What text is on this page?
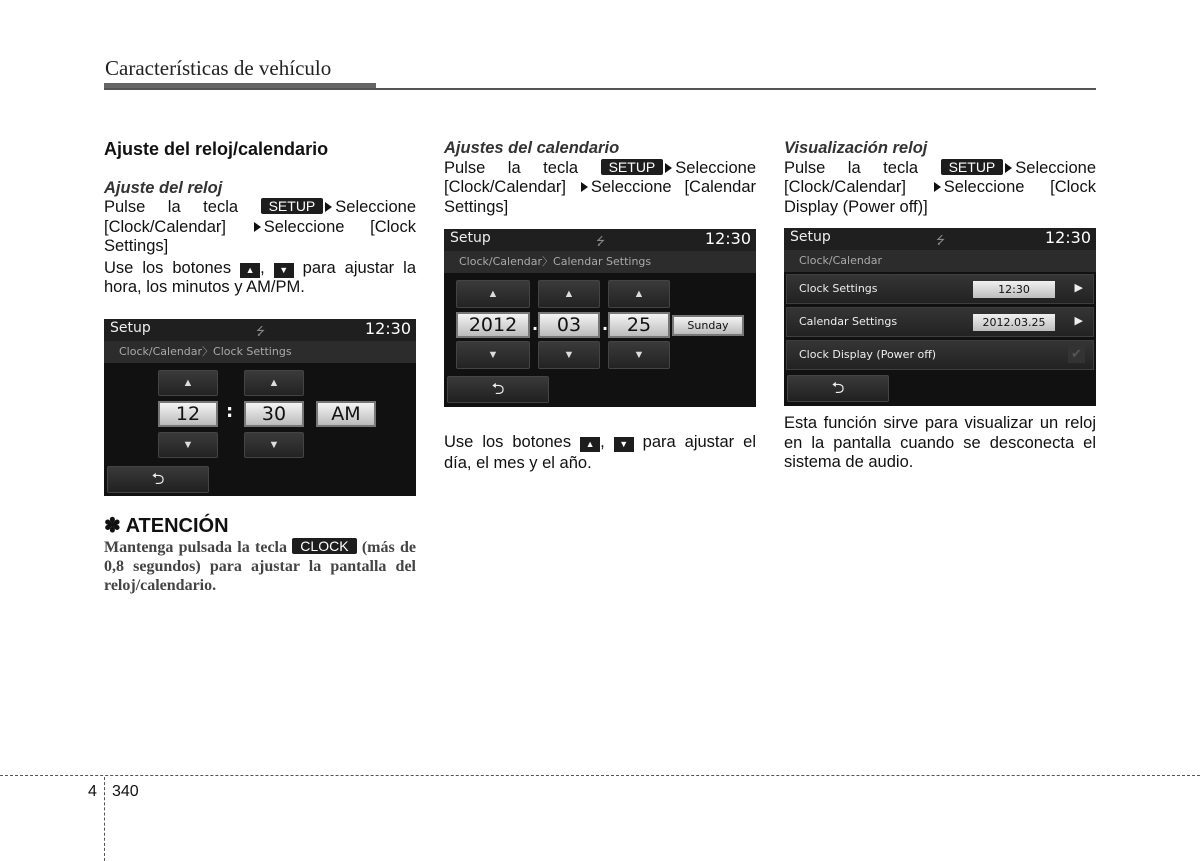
Características de vehículo
Ajuste del reloj/calendario
Ajuste del reloj
Pulse la tecla SETUP Seleccione [Clock/Calendar] Seleccione [Clock Settings]
Use los botones ▲ , ▼ para ajustar la hora, los minutos y AM/PM.
Setup	⭍	12:30
Clock/Calendar〉Clock Settings
▲	▲
12	:	30	AM
▼	▼
⮌
✽ ATENCIÓN
Mantenga pulsada la tecla CLOCK (más de 0,8 segundos) para ajustar la pantalla del reloj/calendario.
Ajustes del calendario
Pulse la tecla SETUP Seleccione [Clock/Calendar] Seleccione [Calendar Settings]
Setup	⭍	12:30
Clock/Calendar〉Calendar Settings
▲	▲	▲
2012 . 03	. 25	Sunday
▼	▼	▼
⮌
Use los botones ▲ , ▼ para ajustar el día, el mes y el año.
Visualización reloj
Pulse la tecla SETUP Seleccione [Clock/Calendar] Seleccione [Clock Display (Power off)]
Setup	⭍	12:30
Clock/Calendar
Clock Settings	12:30	▶
Calendar Settings	2012.03.25	▶
Clock Display (Power off)	✔
⮌
Esta función sirve para visualizar un reloj en la pantalla cuando se desconecta el sistema de audio.
4 340
